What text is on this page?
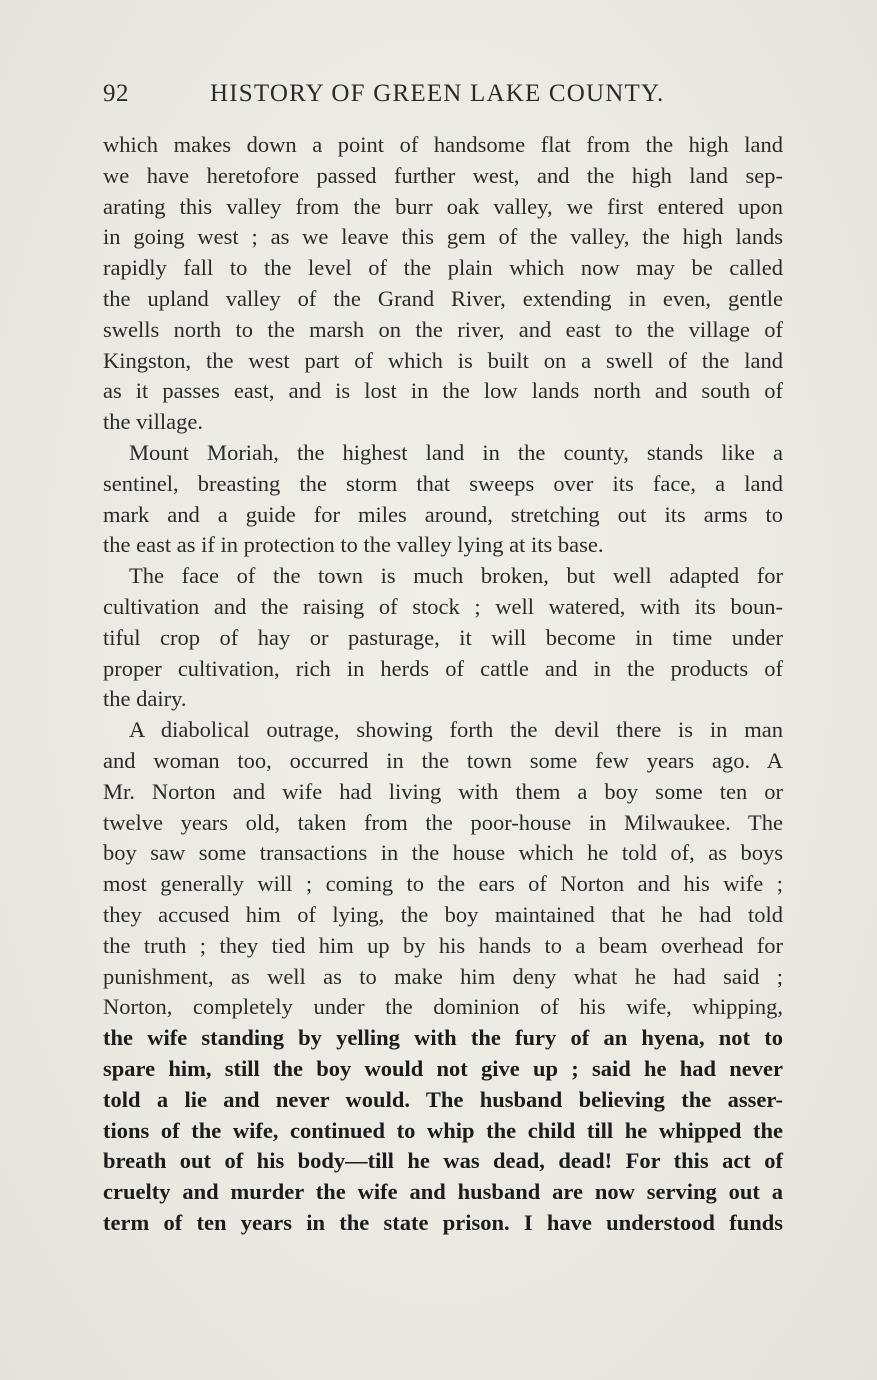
92	HISTORY OF GREEN LAKE COUNTY.
which makes down a point of handsome flat from the high land
we have heretofore passed further west, and the high land sep-
arating this valley from the burr oak valley, we first entered upon
in going west ; as we leave this gem of the valley, the high lands
rapidly fall to the level of the plain which now may be called
the upland valley of the Grand River, extending in even, gentle
swells north to the marsh on the river, and east to the village of
Kingston, the west part of which is built on a swell of the land
as it passes east, and is lost in the low lands north and south of
the village.
Mount Moriah, the highest land in the county, stands like a
sentinel, breasting the storm that sweeps over its face, a land
mark and a guide for miles around, stretching out its arms to
the east as if in protection to the valley lying at its base.
The face of the town is much broken, but well adapted for
cultivation and the raising of stock ; well watered, with its boun-
tiful crop of hay or pasturage, it will become in time under
proper cultivation, rich in herds of cattle and in the products of
the dairy.
A diabolical outrage, showing forth the devil there is in man
and woman too, occurred in the town some few years ago. A
Mr. Norton and wife had living with them a boy some ten or
twelve years old, taken from the poor-house in Milwaukee. The
boy saw some transactions in the house which he told of, as boys
most generally will ; coming to the ears of Norton and his wife ;
they accused him of lying, the boy maintained that he had told
the truth ; they tied him up by his hands to a beam overhead for
punishment, as well as to make him deny what he had said ;
Norton, completely under the dominion of his wife, whipping,
the wife standing by yelling with the fury of an hyena, not to
spare him, still the boy would not give up ; said he had never
told a lie and never would. The husband believing the asser-
tions of the wife, continued to whip the child till he whipped the
breath out of his body—till he was dead, dead! For this act of
cruelty and murder the wife and husband are now serving out a
term of ten years in the state prison. I have understood funds
